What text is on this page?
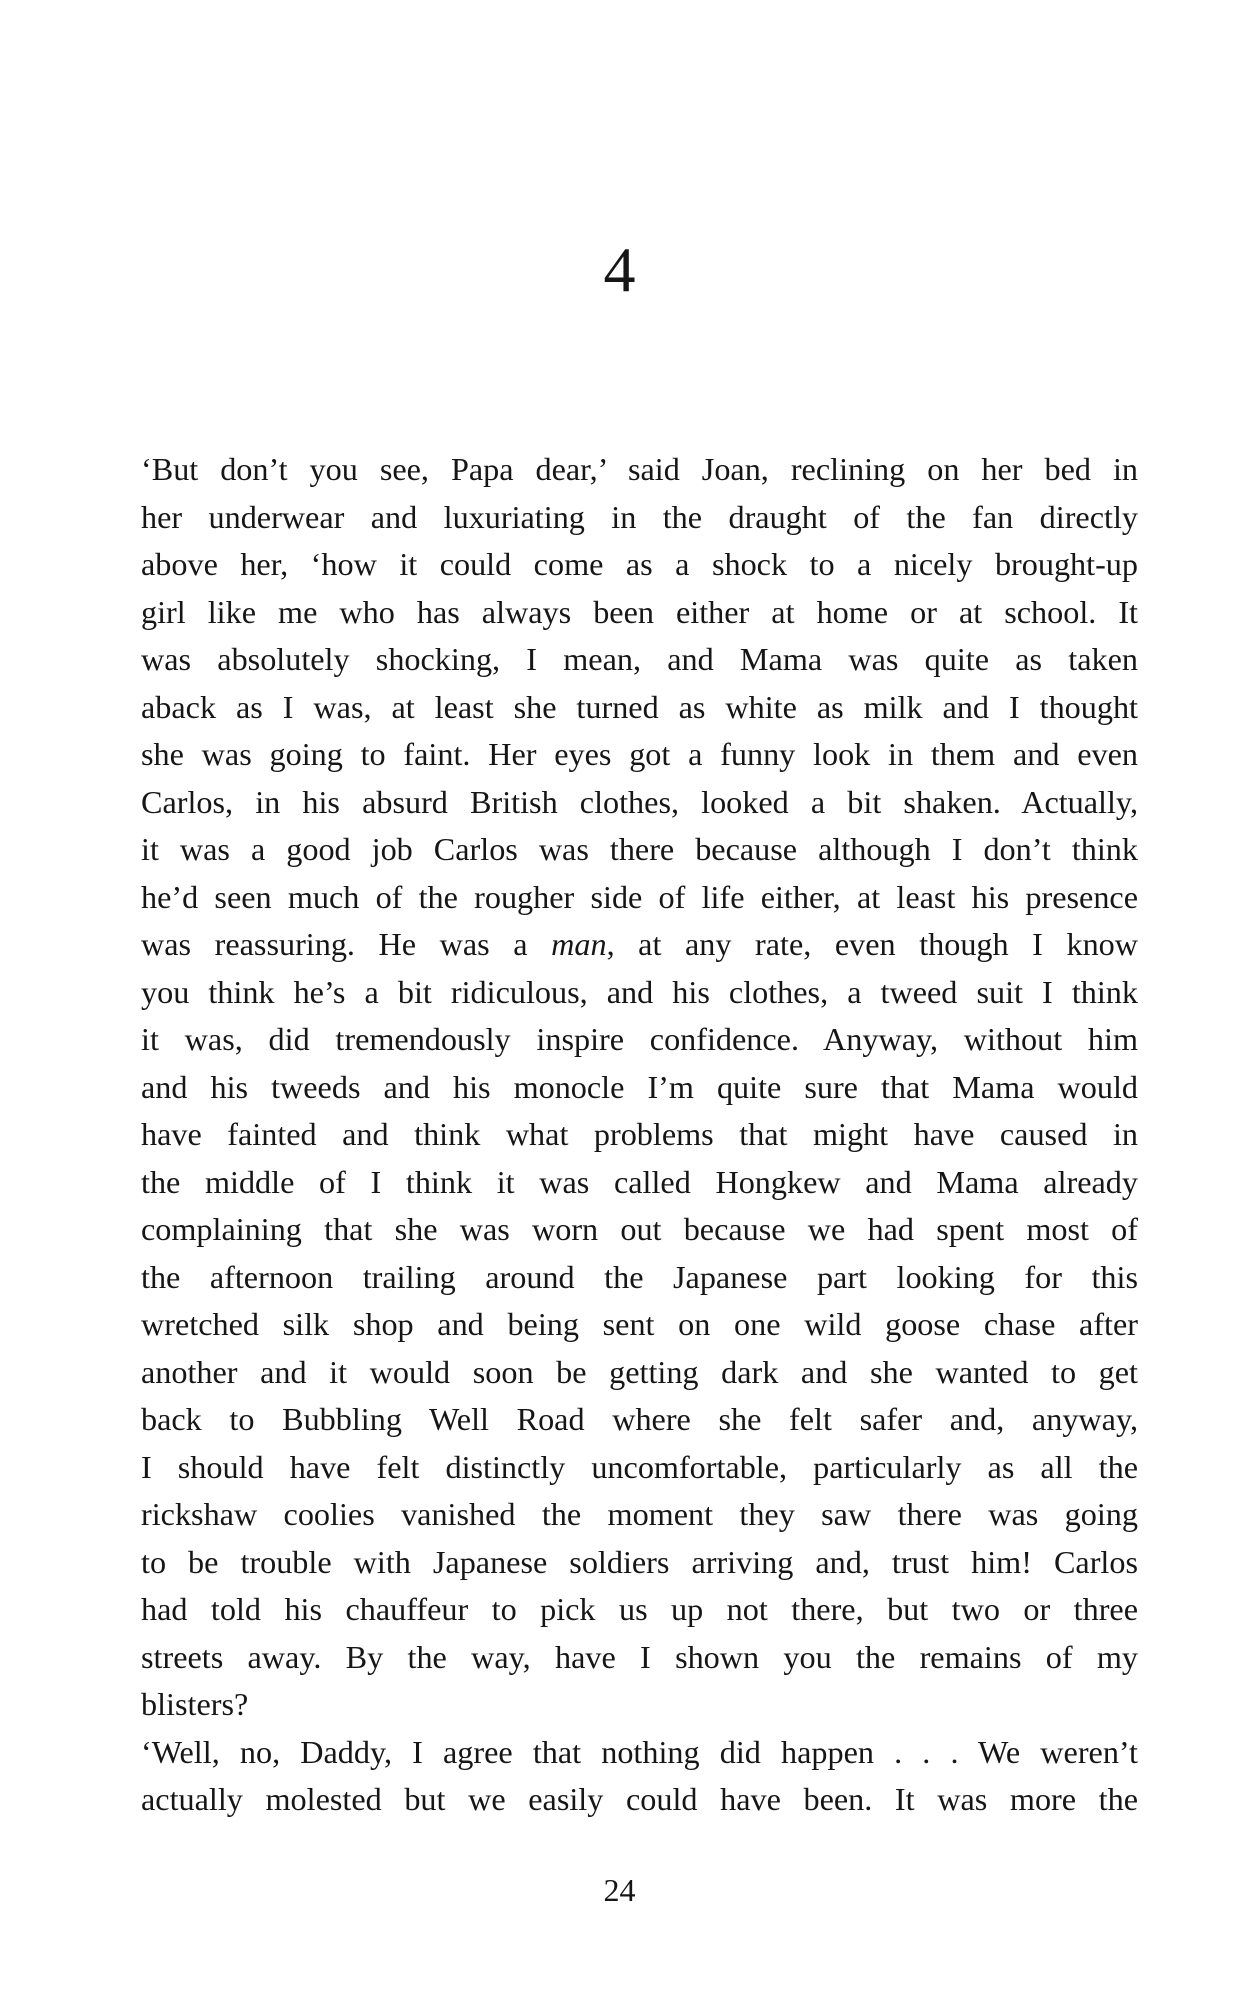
4
‘But don’t you see, Papa dear,’ said Joan, reclining on her bed in
her underwear and luxuriating in the draught of the fan directly
above her, ‘how it could come as a shock to a nicely brought-up
girl like me who has always been either at home or at school. It
was absolutely shocking, I mean, and Mama was quite as taken
aback as I was, at least she turned as white as milk and I thought
she was going to faint. Her eyes got a funny look in them and even
Carlos, in his absurd British clothes, looked a bit shaken. Actually,
it was a good job Carlos was there because although I don’t think
he’d seen much of the rougher side of life either, at least his presence
was reassuring. He was a man, at any rate, even though I know
you think he’s a bit ridiculous, and his clothes, a tweed suit I think
it was, did tremendously inspire confidence. Anyway, without him
and his tweeds and his monocle I’m quite sure that Mama would
have fainted and think what problems that might have caused in
the middle of I think it was called Hongkew and Mama already
complaining that she was worn out because we had spent most of
the afternoon trailing around the Japanese part looking for this
wretched silk shop and being sent on one wild goose chase after
another and it would soon be getting dark and she wanted to get
back to Bubbling Well Road where she felt safer and, anyway,
I should have felt distinctly uncomfortable, particularly as all the
rickshaw coolies vanished the moment they saw there was going
to be trouble with Japanese soldiers arriving and, trust him! Carlos
had told his chauffeur to pick us up not there, but two or three
streets away. By the way, have I shown you the remains of my
blisters?
‘Well, no, Daddy, I agree that nothing did happen . . . We weren’t
actually molested but we easily could have been. It was more the
24
